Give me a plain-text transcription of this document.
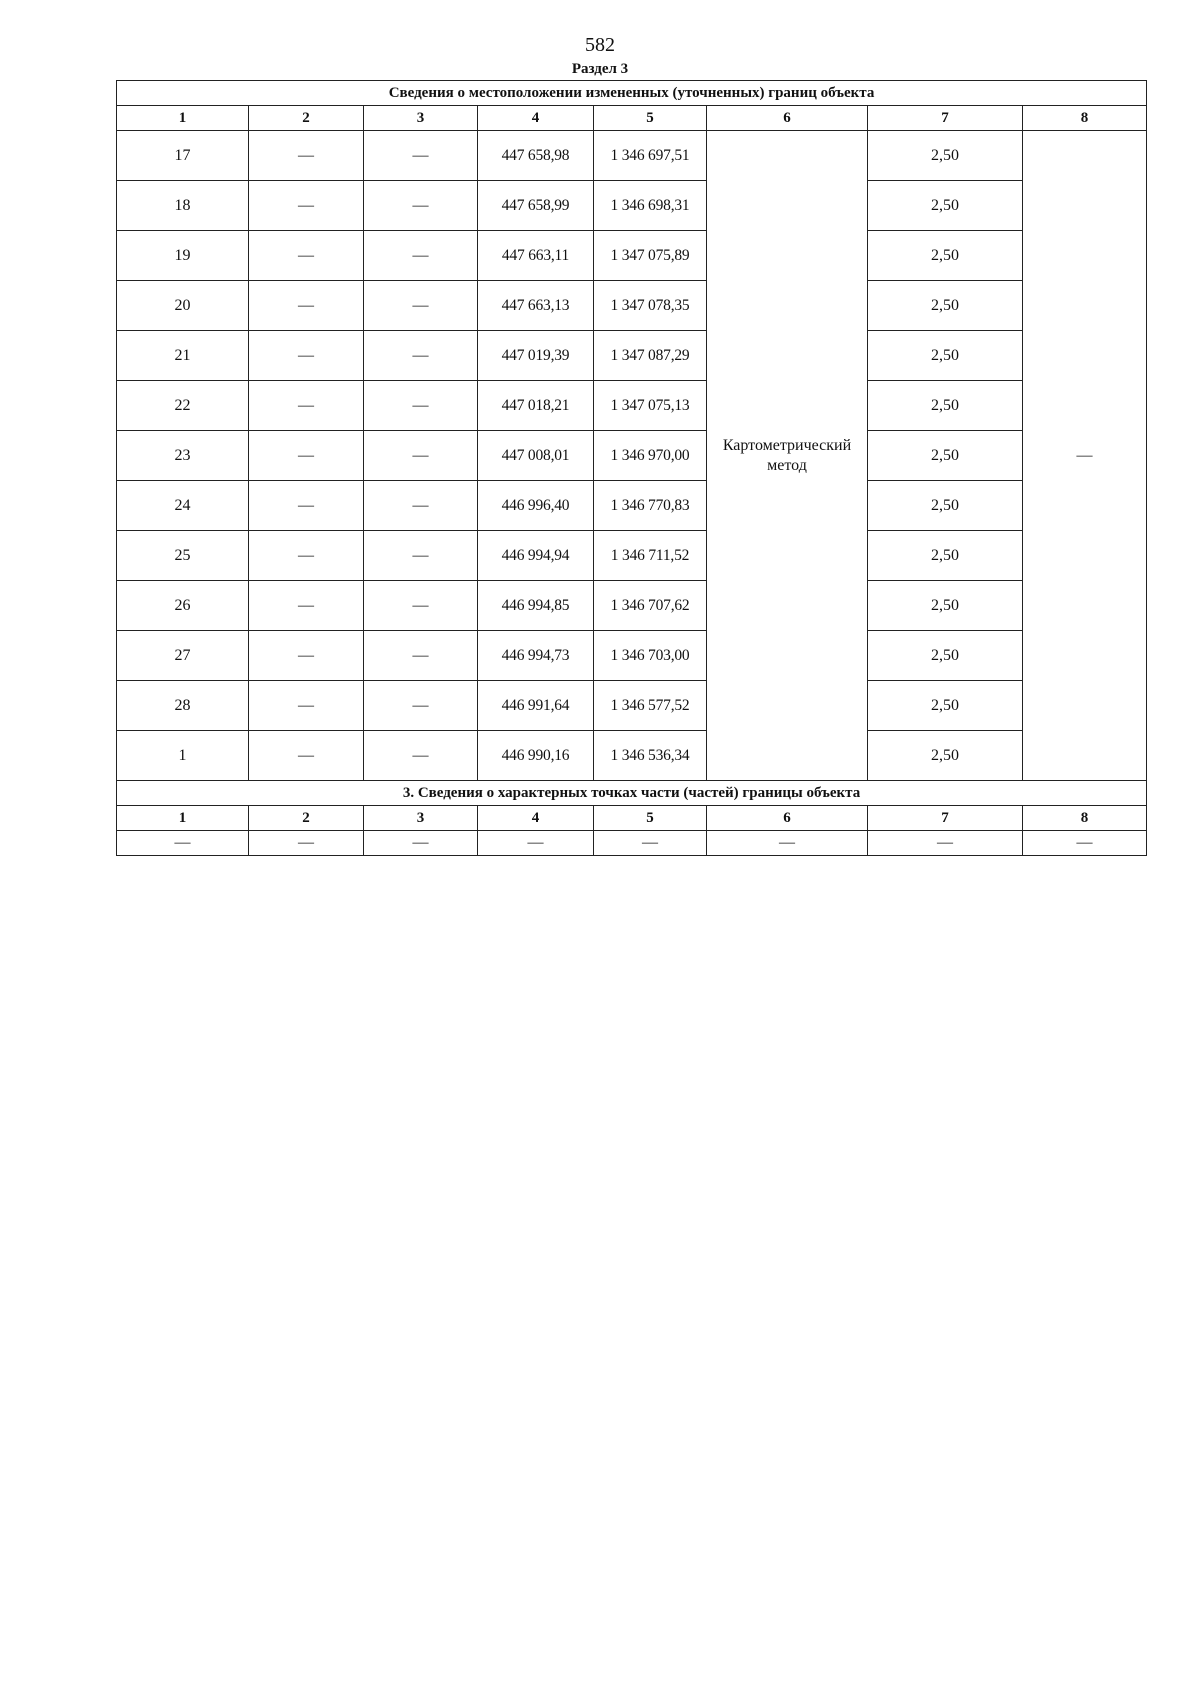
582
Раздел 3
Сведения о местоположении измененных (уточненных) границ объекта							
1	2	3	4	5	6	7	8
17	—	—	447 658,98	1 346 697,51	Картометрический метод	2,50	—
18	—	—	447 658,99	1 346 698,31		2,50	
19	—	—	447 663,11	1 347 075,89		2,50	
20	—	—	447 663,13	1 347 078,35		2,50	
21	—	—	447 019,39	1 347 087,29		2,50	
22	—	—	447 018,21	1 347 075,13		2,50	
23	—	—	447 008,01	1 346 970,00		2,50	
24	—	—	446 996,40	1 346 770,83		2,50	
25	—	—	446 994,94	1 346 711,52		2,50	
26	—	—	446 994,85	1 346 707,62		2,50	
27	—	—	446 994,73	1 346 703,00		2,50	
28	—	—	446 991,64	1 346 577,52		2,50	
1	—	—	446 990,16	1 346 536,34		2,50	
3. Сведения о характерных точках части (частей) границы объекта							
1	2	3	4	5	6	7	8
—	—	—	—	—	—	—	—
